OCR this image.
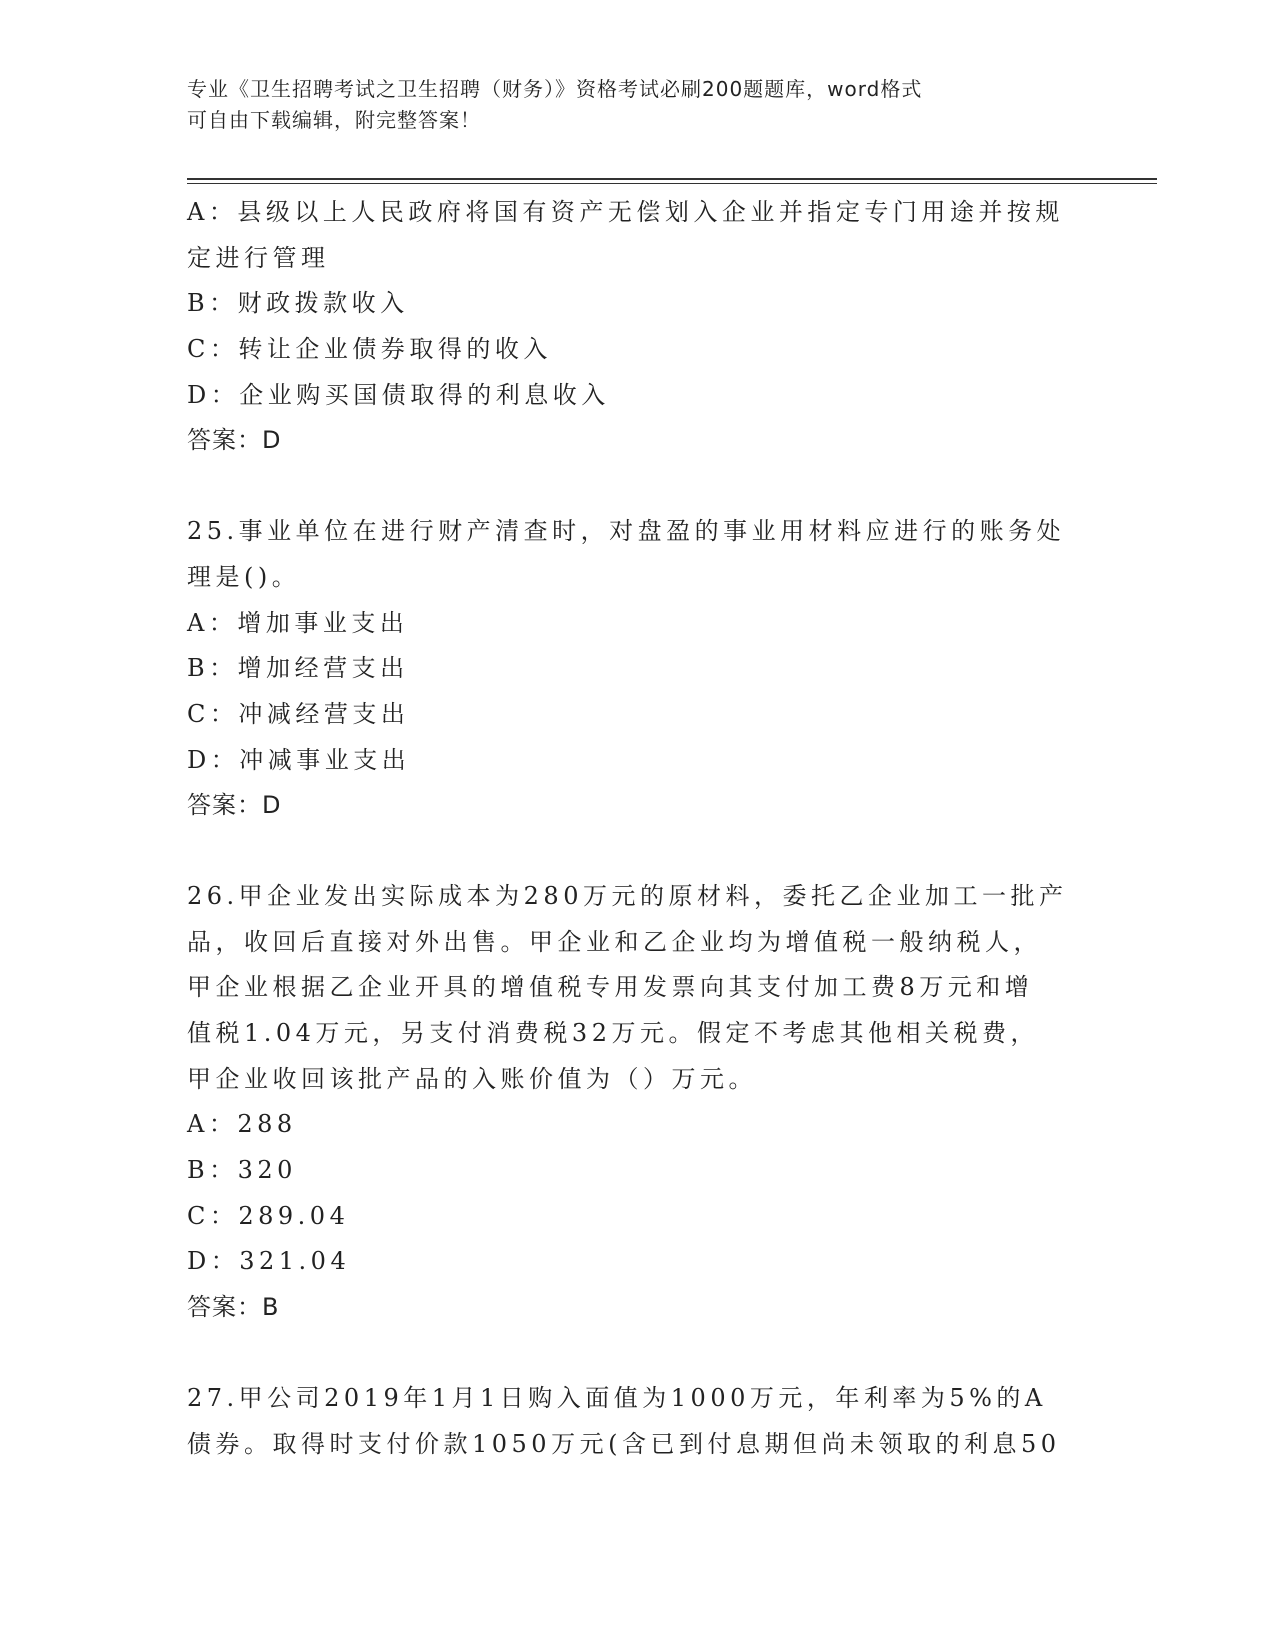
专业《卫生招聘考试之卫生招聘（财务）》资格考试必刷200题题库，word格式
可自由下载编辑，附完整答案！
A：县级以上人民政府将国有资产无偿划入企业并指定专门用途并按规
定进行管理
B：财政拨款收入
C：转让企业债券取得的收入
D：企业购买国债取得的利息收入
答案：D
25.事业单位在进行财产清查时，对盘盈的事业用材料应进行的账务处
理是()。
A：增加事业支出
B：增加经营支出
C：冲减经营支出
D：冲减事业支出
答案：D
26.甲企业发出实际成本为280万元的原材料，委托乙企业加工一批产
品，收回后直接对外出售。甲企业和乙企业均为增值税一般纳税人，
甲企业根据乙企业开具的增值税专用发票向其支付加工费8万元和增
值税1.04万元，另支付消费税32万元。假定不考虑其他相关税费，
甲企业收回该批产品的入账价值为（）万元。
A：288
B：320
C：289.04
D：321.04
答案：B
27.甲公司2019年1月1日购入面值为1000万元，年利率为5%的A
债券。取得时支付价款1050万元(含已到付息期但尚未领取的利息50
